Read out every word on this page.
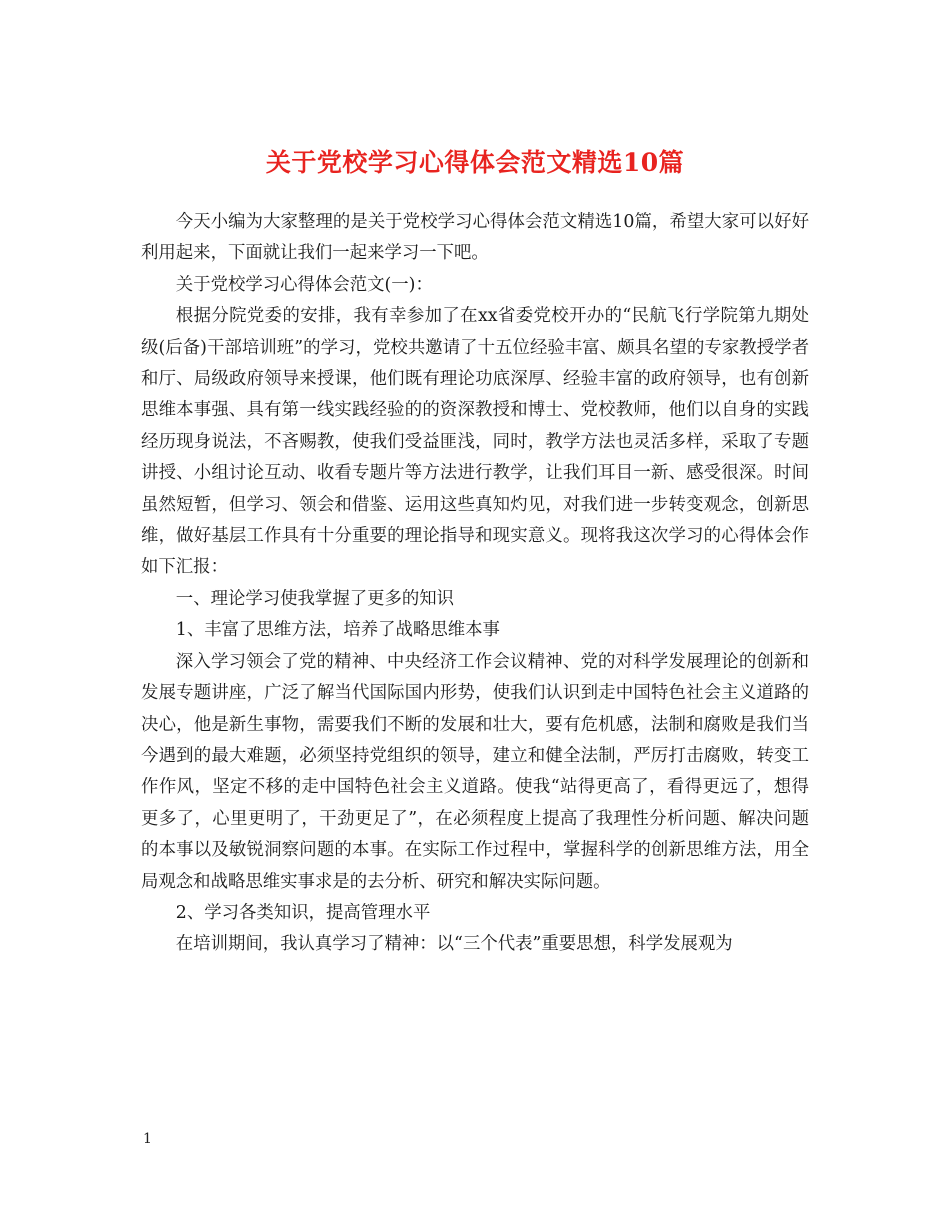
关于党校学习心得体会范文精选10篇

今天小编为大家整理的是关于党校学习心得体会范文精选10篇，希望大家可以好好利用起来，下面就让我们一起来学习一下吧。

关于党校学习心得体会范文(一)：

根据分院党委的安排，我有幸参加了在xx省委党校开办的“民航飞行学院第九期处级(后备)干部培训班”的学习，党校共邀请了十五位经验丰富、颇具名望的专家教授学者和厅、局级政府领导来授课，他们既有理论功底深厚、经验丰富的政府领导，也有创新思维本事强、具有第一线实践经验的的资深教授和博士、党校教师，他们以自身的实践经历现身说法，不吝赐教，使我们受益匪浅，同时，教学方法也灵活多样，采取了专题讲授、小组讨论互动、收看专题片等方法进行教学，让我们耳目一新、感受很深。时间虽然短暂，但学习、领会和借鉴、运用这些真知灼见，对我们进一步转变观念，创新思维，做好基层工作具有十分重要的理论指导和现实意义。现将我这次学习的心得体会作如下汇报：

一、理论学习使我掌握了更多的知识

1、丰富了思维方法，培养了战略思维本事

深入学习领会了党的精神、中央经济工作会议精神、党的对科学发展理论的创新和发展专题讲座，广泛了解当代国际国内形势，使我们认识到走中国特色社会主义道路的决心，他是新生事物，需要我们不断的发展和壮大，要有危机感，法制和腐败是我们当今遇到的最大难题，必须坚持党组织的领导，建立和健全法制，严厉打击腐败，转变工作作风，坚定不移的走中国特色社会主义道路。使我“站得更高了，看得更远了，想得更多了，心里更明了，干劲更足了”，在必须程度上提高了我理性分析问题、解决问题的本事以及敏锐洞察问题的本事。在实际工作过程中，掌握科学的创新思维方法，用全局观念和战略思维实事求是的去分析、研究和解决实际问题。

2、学习各类知识，提高管理水平

在培训期间，我认真学习了精神：以“三个代表”重要思想，科学发展观为

1
